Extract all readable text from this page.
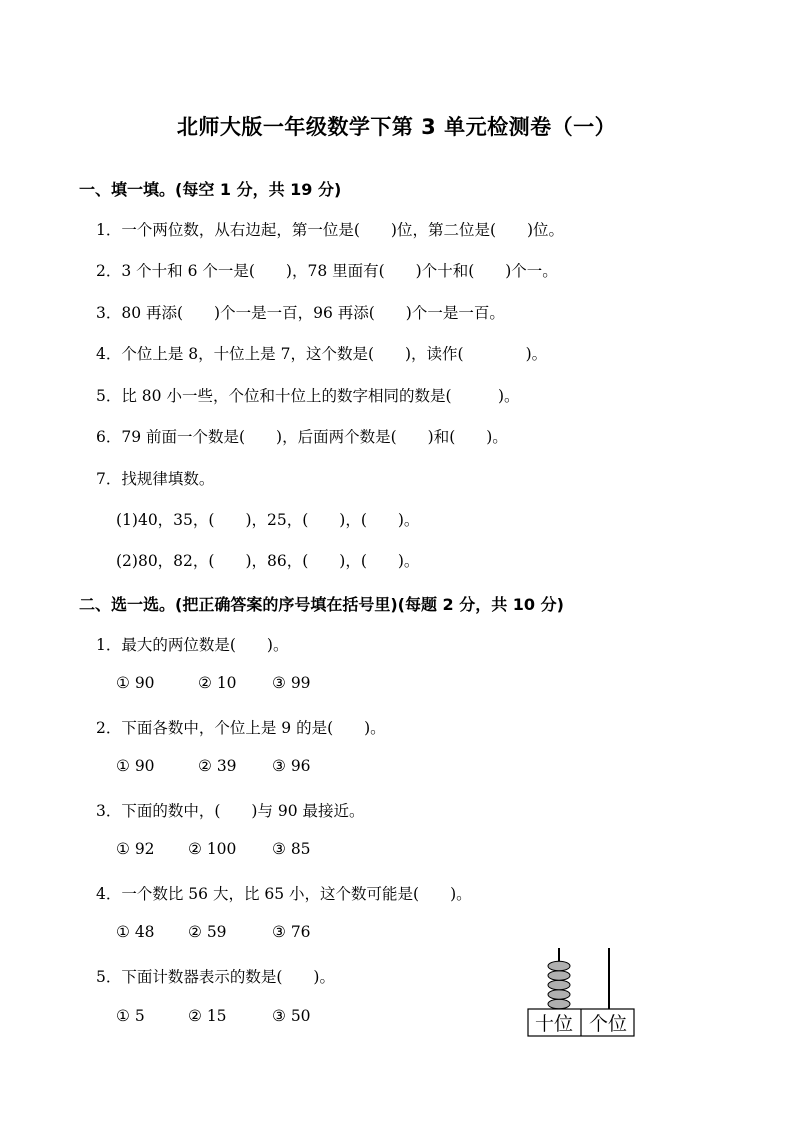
北师大版一年级数学下第 3 单元检测卷（一）
一、填一填。(每空 1 分，共 19 分)
1．一个两位数，从右边起，第一位是(　　)位，第二位是(　　)位。
2．3 个十和 6 个一是(　　)，78 里面有(　　)个十和(　　)个一。
3．80 再添(　　)个一是一百，96 再添(　　)个一是一百。
4．个位上是 8，十位上是 7，这个数是(　　)，读作(　　　　)。
5．比 80 小一些，个位和十位上的数字相同的数是(　　　)。
6．79 前面一个数是(　　)，后面两个数是(　　)和(　　)。
7．找规律填数。
(1)40，35，(　　)，25，(　　)，(　　)。
(2)80，82，(　　)，86，(　　)，(　　)。
二、选一选。(把正确答案的序号填在括号里)(每题 2 分，共 10 分)
1．最大的两位数是(　　)。
① 90	② 10 ③ 99
2．下面各数中，个位上是 9 的是(　　)。
① 90	② 39 ③ 96
3．下面的数中，(　　)与 90 最接近。
① 92 ② 100 ③ 85
4．一个数比 56 大，比 65 小，这个数可能是(　　)。
① 48 ② 59	③ 76
5．下面计数器表示的数是(　　)。
① 5	② 15	③ 50	十位 个位
